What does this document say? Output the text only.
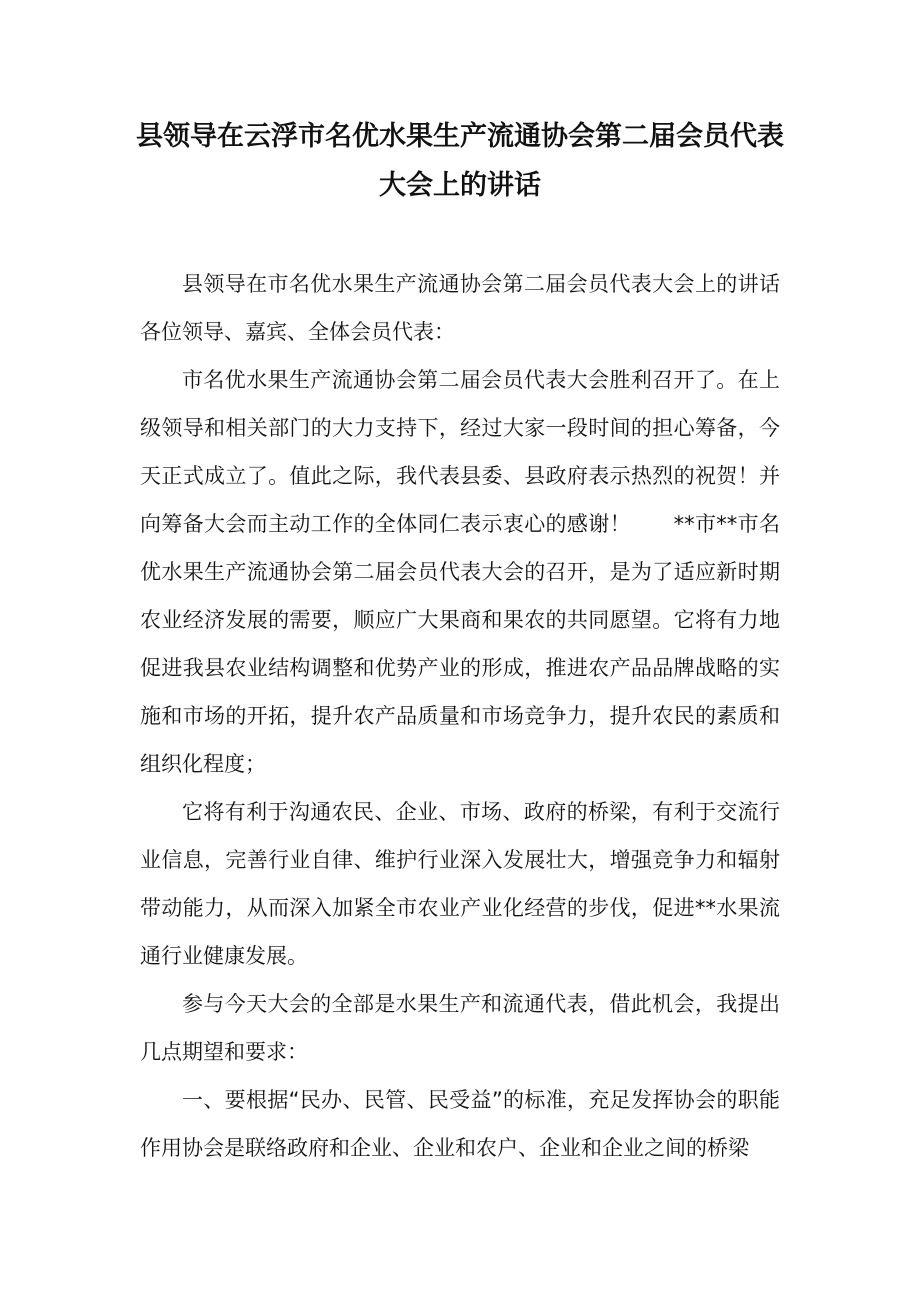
县领导在云浮市名优水果生产流通协会第二届会员代表大会上的讲话

县领导在市名优水果生产流通协会第二届会员代表大会上的讲话各位领导、嘉宾、全体会员代表：

市名优水果生产流通协会第二届会员代表大会胜利召开了。在上级领导和相关部门的大力支持下，经过大家一段时间的担心筹备，今天正式成立了。值此之际，我代表县委、县政府表示热烈的祝贺！并向筹备大会而主动工作的全体同仁表示衷心的感谢！　　**市**市名优水果生产流通协会第二届会员代表大会的召开，是为了适应新时期农业经济发展的需要，顺应广大果商和果农的共同愿望。它将有力地促进我县农业结构调整和优势产业的形成，推进农产品品牌战略的实施和市场的开拓，提升农产品质量和市场竞争力，提升农民的素质和组织化程度；

它将有利于沟通农民、企业、市场、政府的桥梁，有利于交流行业信息，完善行业自律、维护行业深入发展壮大，增强竞争力和辐射带动能力，从而深入加紧全市农业产业化经营的步伐，促进**水果流通行业健康发展。

参与今天大会的全部是水果生产和流通代表，借此机会，我提出几点期望和要求：

一、要根据“民办、民管、民受益”的标准，充足发挥协会的职能作用协会是联络政府和企业、企业和农户、企业和企业之间的桥梁
